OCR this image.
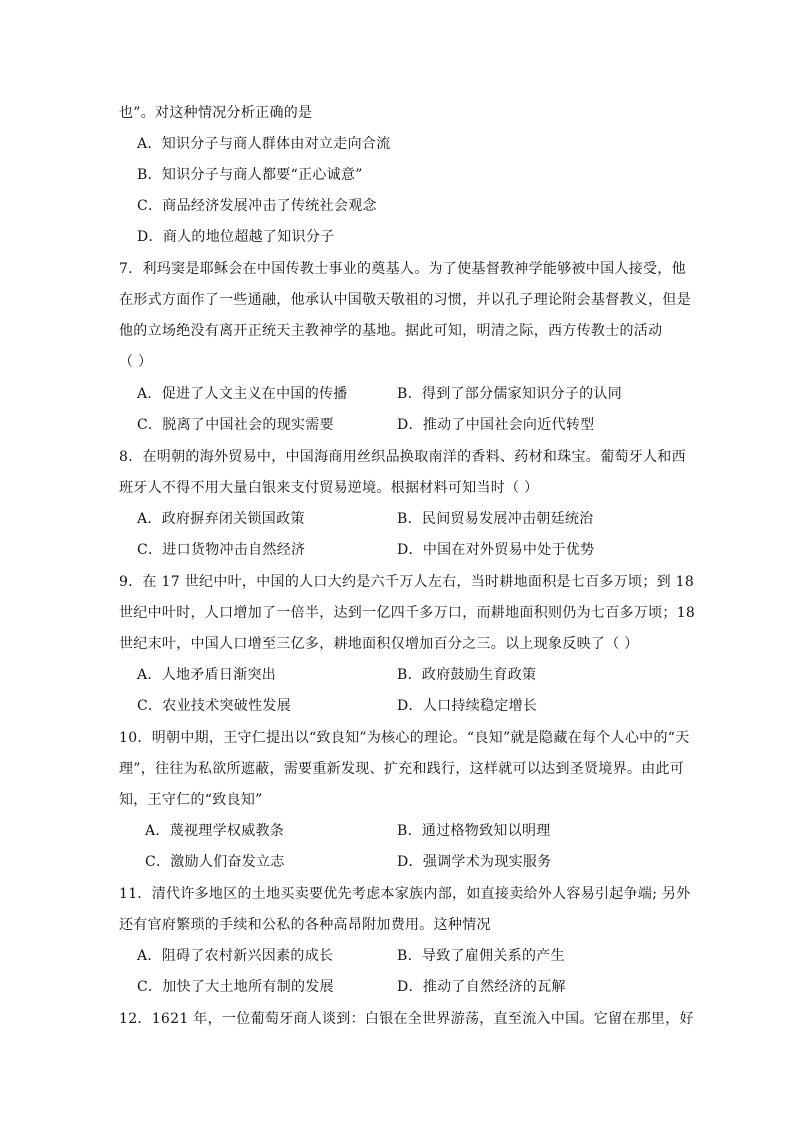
也”。对这种情况分析正确的是
A．知识分子与商人群体由对立走向合流
B．知识分子与商人都要“正心诚意”
C．商品经济发展冲击了传统社会观念
D．商人的地位超越了知识分子
7．利玛窦是耶稣会在中国传教士事业的奠基人。为了使基督教神学能够被中国人接受，他
在形式方面作了一些通融，他承认中国敬天敬祖的习惯，并以孔子理论附会基督教义，但是
他的立场绝没有离开正统天主教神学的基地。据此可知，明清之际，西方传教士的活动
（ ）
A．促进了人文主义在中国的传播	B．得到了部分儒家知识分子的认同
C．脱离了中国社会的现实需要	D．推动了中国社会向近代转型
8．在明朝的海外贸易中，中国海商用丝织品换取南洋的香料、药材和珠宝。葡萄牙人和西
班牙人不得不用大量白银来支付贸易逆境。根据材料可知当时（ ）
A．政府摒弃闭关锁国政策	B．民间贸易发展冲击朝廷统治
C．进口货物冲击自然经济	D．中国在对外贸易中处于优势
9．在 17 世纪中叶，中国的人口大约是六千万人左右，当时耕地面积是七百多万顷；到 18
世纪中叶时，人口增加了一倍半，达到一亿四千多万口，而耕地面积则仍为七百多万顷；18
世纪末叶，中国人口增至三亿多，耕地面积仅增加百分之三。以上现象反映了（ ）
A．人地矛盾日渐突出	B．政府鼓励生育政策
C．农业技术突破性发展	D．人口持续稳定增长
10．明朝中期，王守仁提出以“致良知”为核心的理论。“良知”就是隐藏在每个人心中的“天
理”，往往为私欲所遮蔽，需要重新发现、扩充和践行，这样就可以达到圣贤境界。由此可
知，王守仁的“致良知”
A．蔑视理学权威教条	B．通过格物致知以明理
C．激励人们奋发立志	D．强调学术为现实服务
11．清代许多地区的土地买卖要优先考虑本家族内部，如直接卖给外人容易引起争端; 另外
还有官府繁琐的手续和公私的各种高昂附加费用。这种情况
A．阻碍了农村新兴因素的成长	B．导致了雇佣关系的产生
C．加快了大土地所有制的发展	D．推动了自然经济的瓦解
12．1621 年，一位葡萄牙商人谈到：白银在全世界游荡，直至流入中国。它留在那里，好
